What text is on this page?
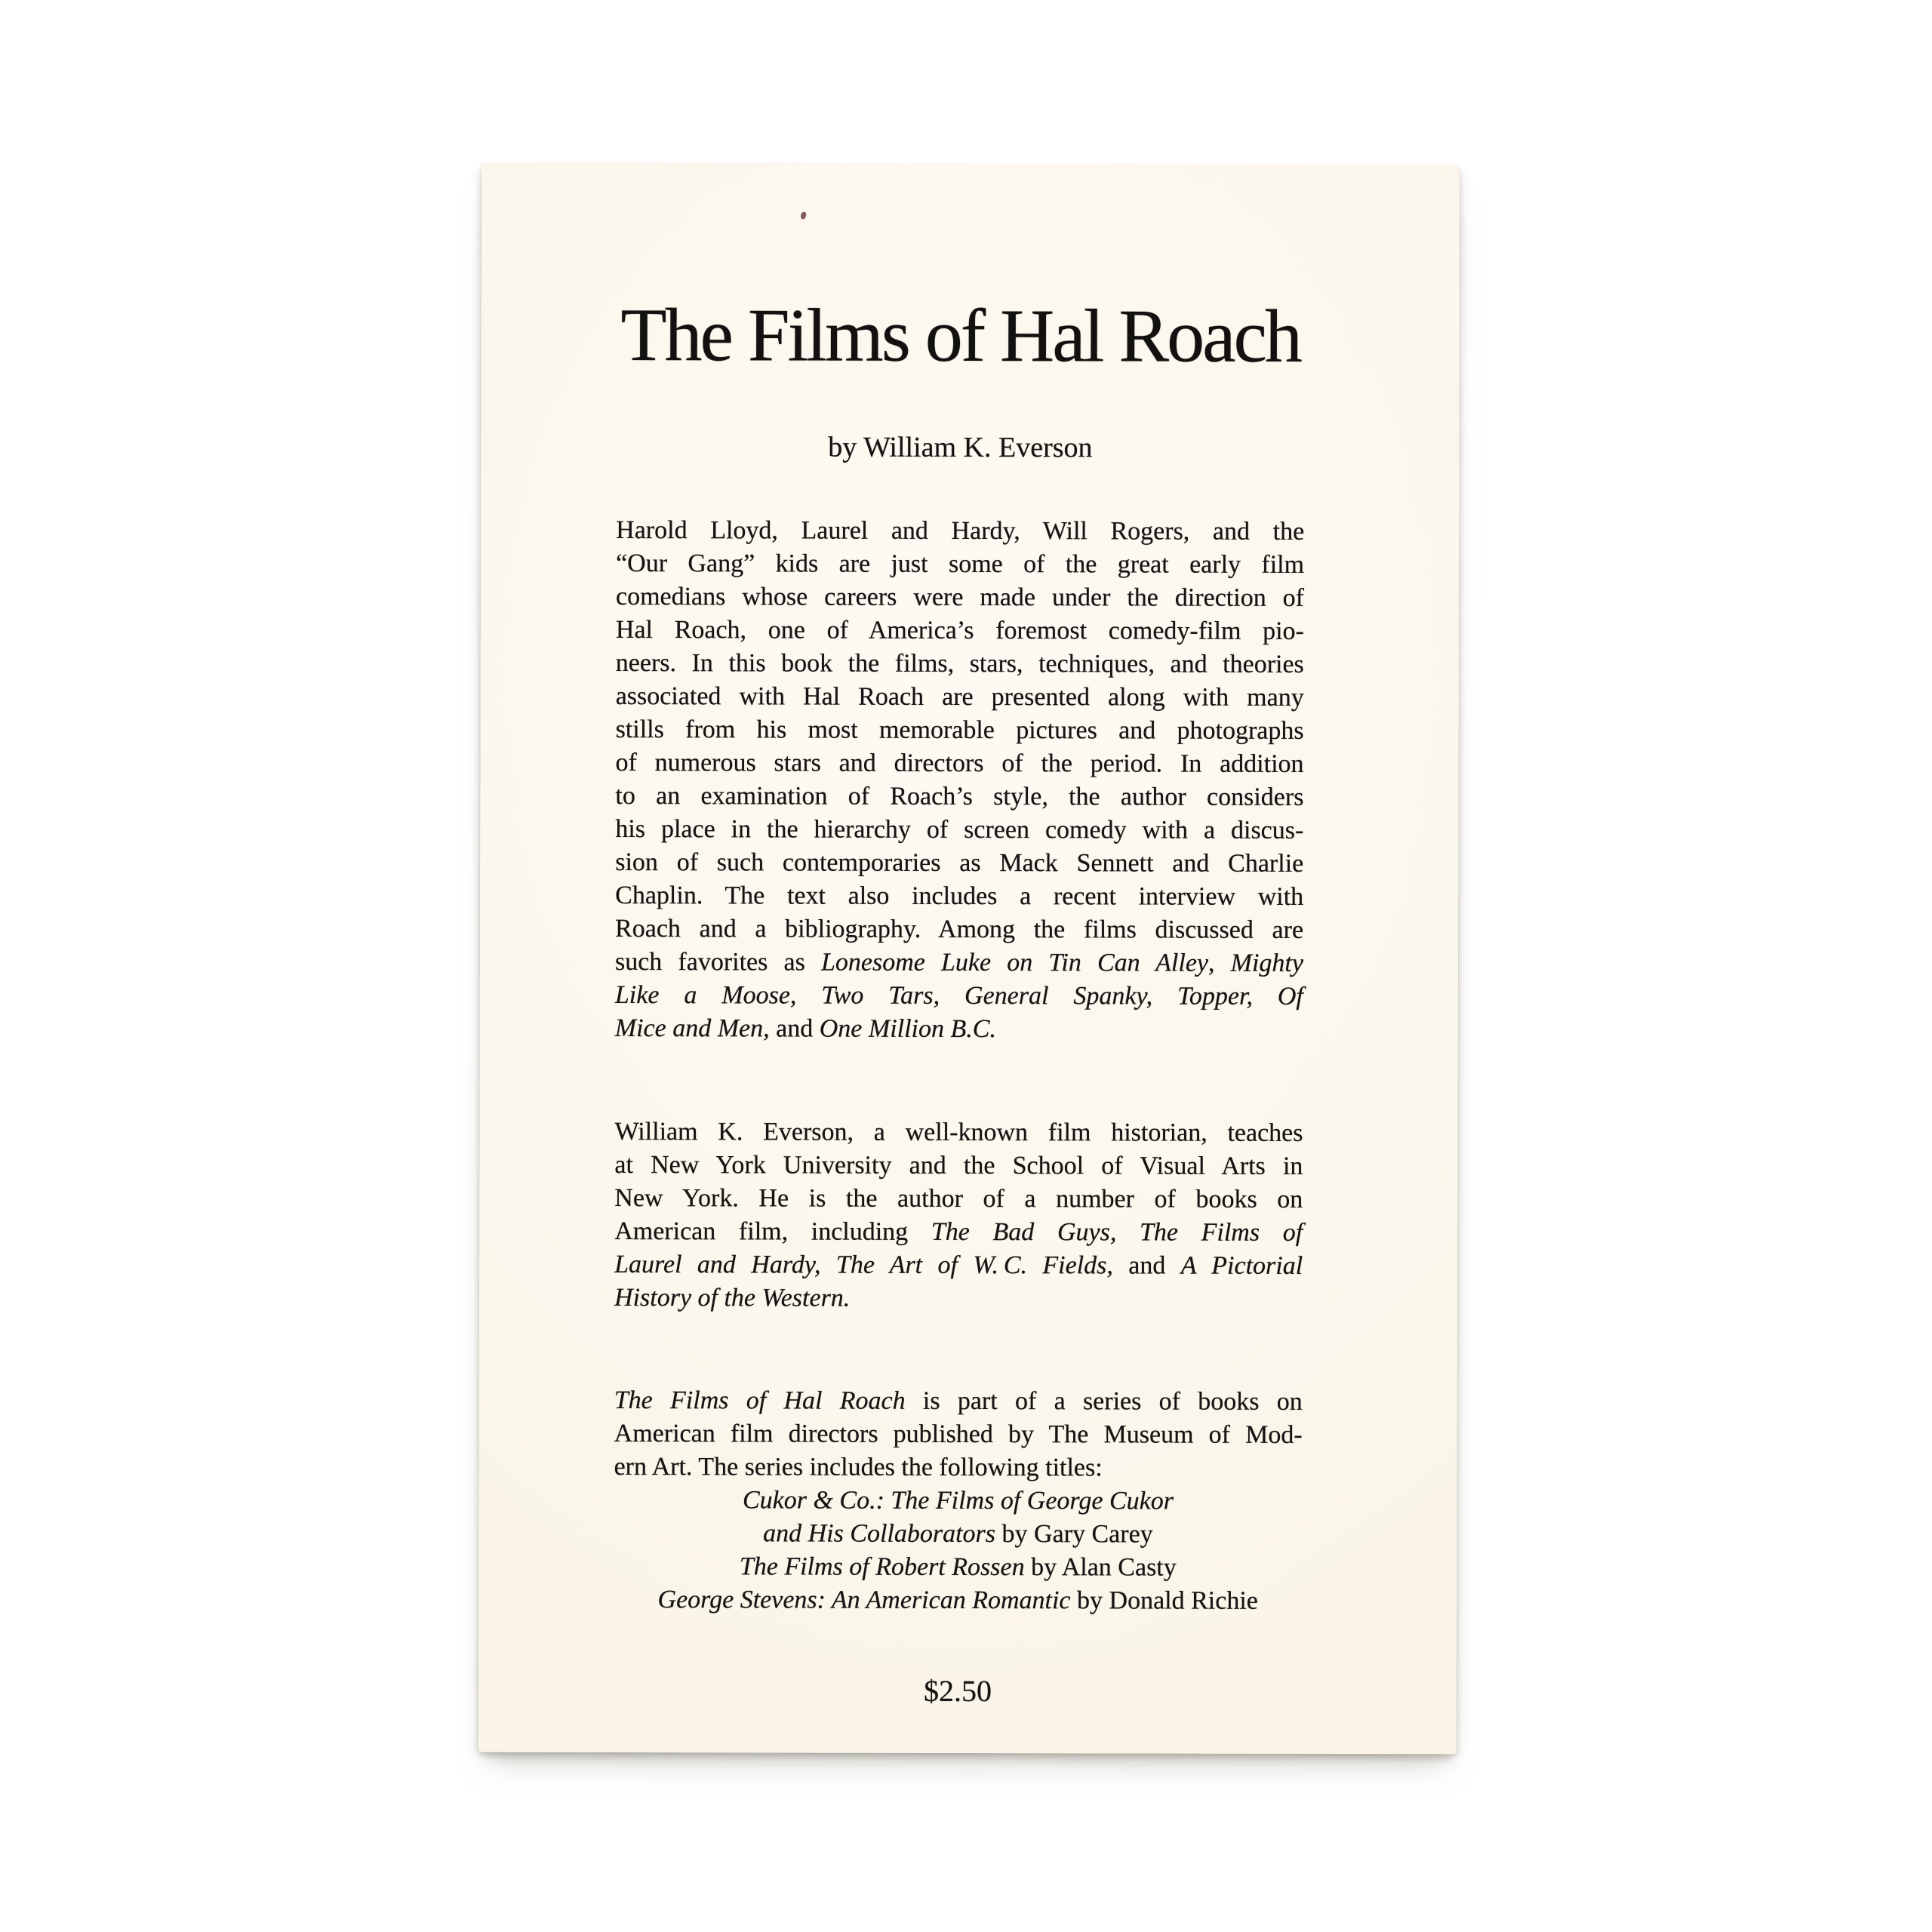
The Films of Hal Roach
by William K. Everson
Harold Lloyd, Laurel and Hardy, Will Rogers, and the
“Our Gang” kids are just some of the great early film
comedians whose careers were made under the direction of
Hal Roach, one of America’s foremost comedy-film pio-
neers. In this book the films, stars, techniques, and theories
associated with Hal Roach are presented along with many
stills from his most memorable pictures and photographs
of numerous stars and directors of the period. In addition
to an examination of Roach’s style, the author considers
his place in the hierarchy of screen comedy with a discus-
sion of such contemporaries as Mack Sennett and Charlie
Chaplin. The text also includes a recent interview with
Roach and a bibliography. Among the films discussed are
such favorites as Lonesome Luke on Tin Can Alley, Mighty
Like a Moose, Two Tars, General Spanky, Topper, Of
Mice and Men, and One Million B.C.
William K. Everson, a well-known film historian, teaches
at New York University and the School of Visual Arts in
New York. He is the author of a number of books on
American film, including The Bad Guys, The Films of
Laurel and Hardy, The Art of W. C. Fields, and A Pictorial
History of the Western.
The Films of Hal Roach is part of a series of books on
American film directors published by The Museum of Mod-
ern Art. The series includes the following titles:
Cukor & Co.: The Films of George Cukor
and His Collaborators by Gary Carey
The Films of Robert Rossen by Alan Casty
George Stevens: An American Romantic by Donald Richie
$2.50
